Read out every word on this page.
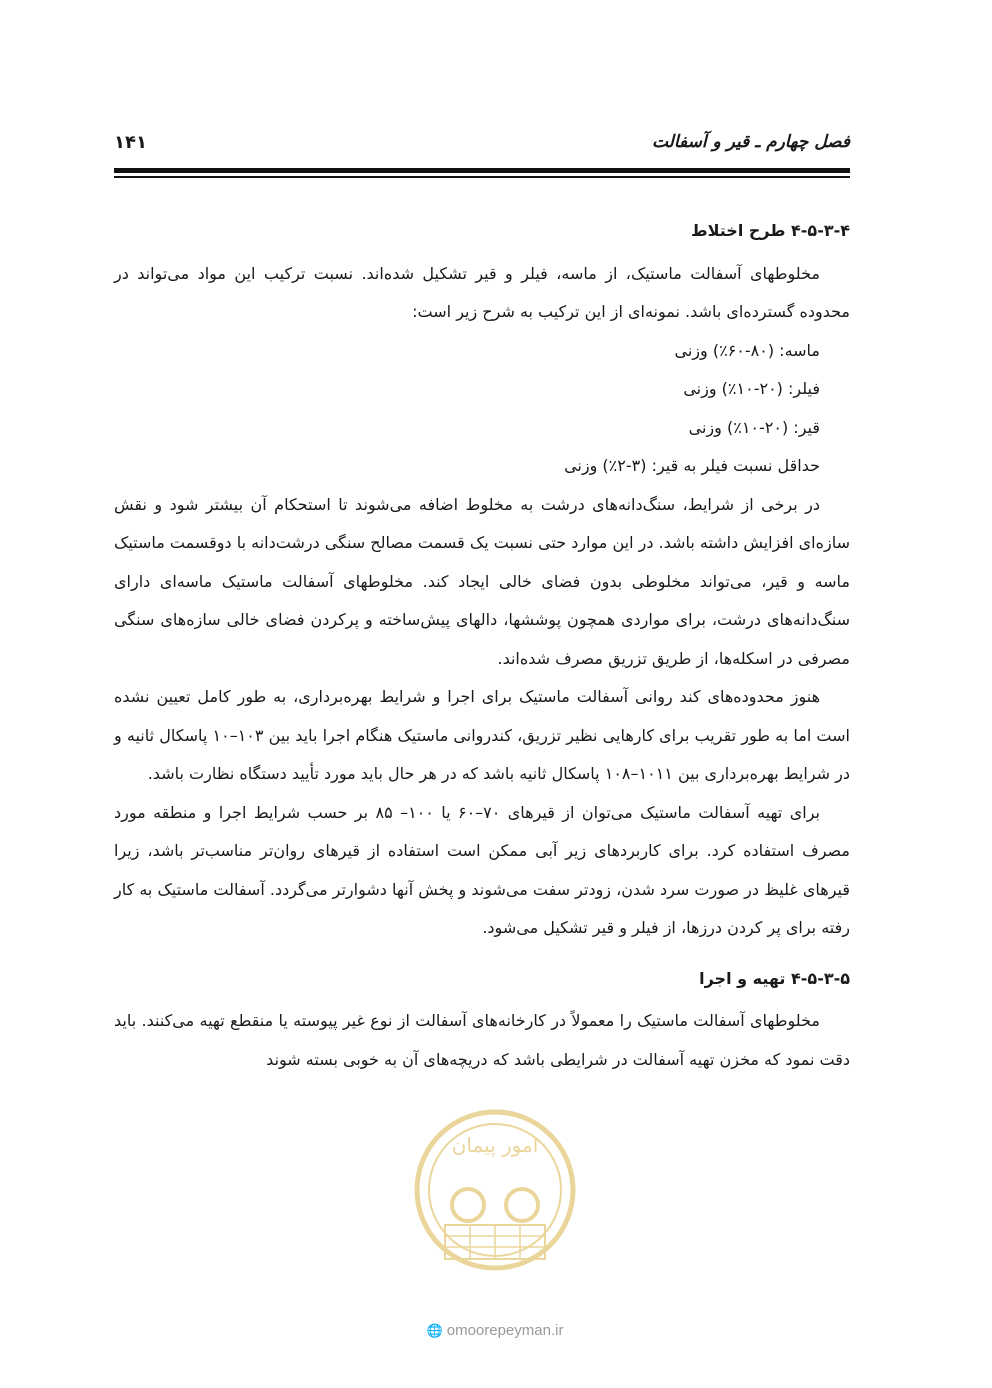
فصل چهارم ـ قیر و آسفالت
۱۴۱
۴-۵-۳-۴ طرح اختلاط

مخلوطهای آسفالت ماستیک، از ماسه، فیلر و قیر تشکیل شده‌اند. نسبت ترکیب این مواد می‌تواند در محدوده گسترده‌ای باشد. نمونه‌ای از این ترکیب به شرح زیر است:

ماسه: (۸۰-۶۰٪) وزنی
فیلر: (۲۰-۱۰٪) وزنی
قیر: (۲۰-۱۰٪) وزنی
حداقل نسبت فیلر به قیر: (۳-۲٪) وزنی

در برخی از شرایط، سنگ‌دانه‌های درشت به مخلوط اضافه می‌شوند تا استحکام آن بیشتر شود و نقش سازه‌ای افزایش داشته باشد. در این موارد حتی نسبت یک قسمت مصالح سنگی درشت‌دانه با دوقسمت ماستیک ماسه و قیر، می‌تواند مخلوطی بدون فضای خالی ایجاد کند. مخلوطهای آسفالت ماستیک ماسه‌ای دارای سنگ‌دانه‌های درشت، برای مواردی همچون پوششها، دالهای پیش‌ساخته و پرکردن فضای خالی سازه‌های سنگی مصرفی در اسکله‌ها، از طریق تزریق مصرف شده‌اند.

هنوز محدوده‌های کند روانی آسفالت ماستیک برای اجرا و شرایط بهره‌برداری، به طور کامل تعیین نشده است اما به طور تقریب برای کارهایی نظیر تزریق، کندروانی ماستیک هنگام اجرا باید بین ۱۰۳–۱۰ پاسکال ثانیه و در شرایط بهره‌برداری بین ۱۰۱۱–۱۰۸ پاسکال ثانیه باشد که در هر حال باید مورد تأیید دستگاه نظارت باشد.

برای تهیه آسفالت ماستیک می‌توان از قیرهای ۷۰–۶۰ یا ۱۰۰– ۸۵ بر حسب شرایط اجرا و منطقه مورد مصرف استفاده کرد. برای کاربردهای زیر آبی ممکن است استفاده از قیرهای روان‌تر مناسب‌تر باشد، زیرا قیرهای غلیظ در صورت سرد شدن، زودتر سفت می‌شوند و پخش آنها دشوارتر می‌گردد. آسفالت ماستیک به کار رفته برای پر کردن درزها، از فیلر و قیر تشکیل می‌شود.

۴-۵-۳-۵ تهیه و اجرا

مخلوطهای آسفالت ماستیک را معمولاً در کارخانه‌های آسفالت از نوع غیر پیوسته یا منقطع تهیه می‌کنند. باید دقت نمود که مخزن تهیه آسفالت در شرایطی باشد که دریچه‌های آن به خوبی بسته شوند

امور پیمان
🌐 omoorepeyman.ir
